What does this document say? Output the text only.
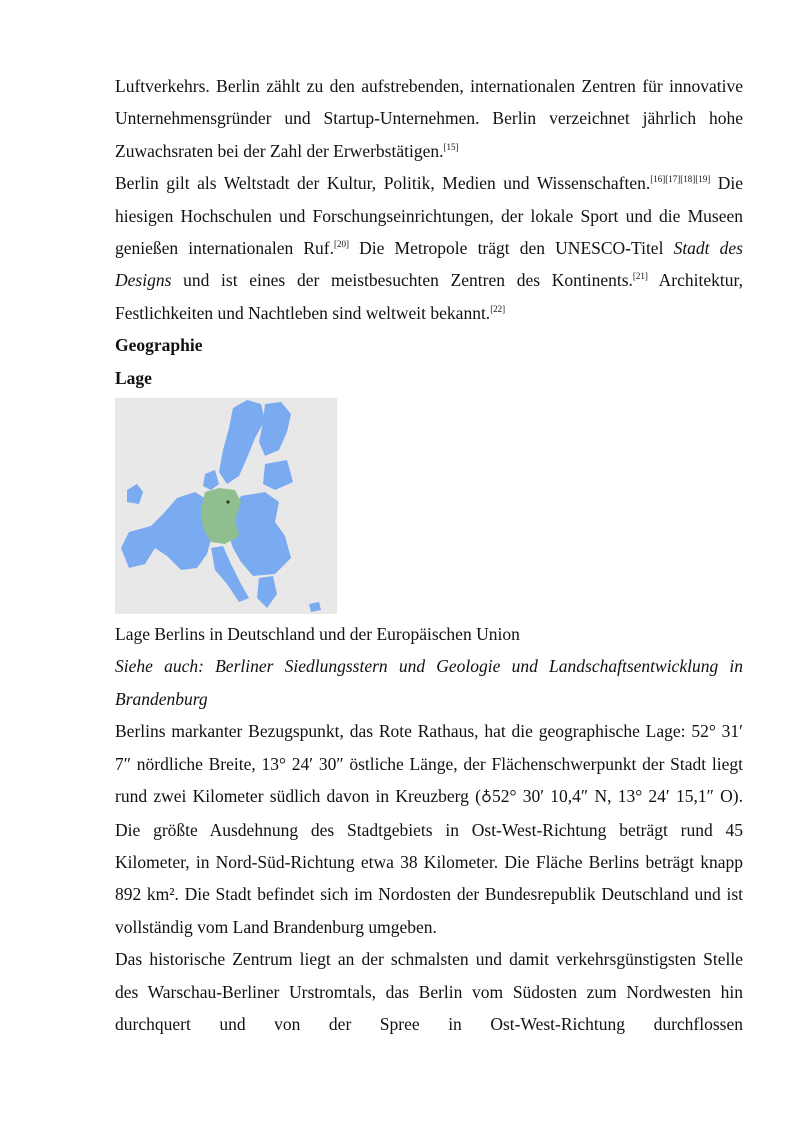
Luftverkehrs. Berlin zählt zu den aufstrebenden, internationalen Zentren für innovative Unternehmensgründer und Startup-Unternehmen. Berlin verzeichnet jährlich hohe Zuwachsraten bei der Zahl der Erwerbstätigen.[15]

Berlin gilt als Weltstadt der Kultur, Politik, Medien und Wissenschaften.[16][17][18][19] Die hiesigen Hochschulen und Forschungseinrichtungen, der lokale Sport und die Museen genießen internationalen Ruf.[20] Die Metropole trägt den UNESCO-Titel Stadt des Designs und ist eines der meistbesuchten Zentren des Kontinents.[21] Architektur, Festlichkeiten und Nachtleben sind weltweit bekannt.[22]

Geographie

Lage

Lage Berlins in Deutschland und der Europäischen Union

Siehe auch: Berliner Siedlungsstern und Geologie und Landschaftsentwicklung in Brandenburg

Berlins markanter Bezugspunkt, das Rote Rathaus, hat die geographische Lage: 52° 31′ 7″ nördliche Breite, 13° 24′ 30″ östliche Länge, der Flächenschwerpunkt der Stadt liegt rund zwei Kilometer südlich davon in Kreuzberg (♁52° 30′ 10,4″ N, 13° 24′ 15,1″ O). Die größte Ausdehnung des Stadtgebiets in Ost-West-Richtung beträgt rund 45 Kilometer, in Nord-Süd-Richtung etwa 38 Kilometer. Die Fläche Berlins beträgt knapp 892 km². Die Stadt befindet sich im Nordosten der Bundesrepublik Deutschland und ist vollständig vom Land Brandenburg umgeben.

Das historische Zentrum liegt an der schmalsten und damit verkehrsgünstigsten Stelle des Warschau-Berliner Urstromtals, das Berlin vom Südosten zum Nordwesten hin durchquert und von der Spree in Ost-West-Richtung durchflossen
